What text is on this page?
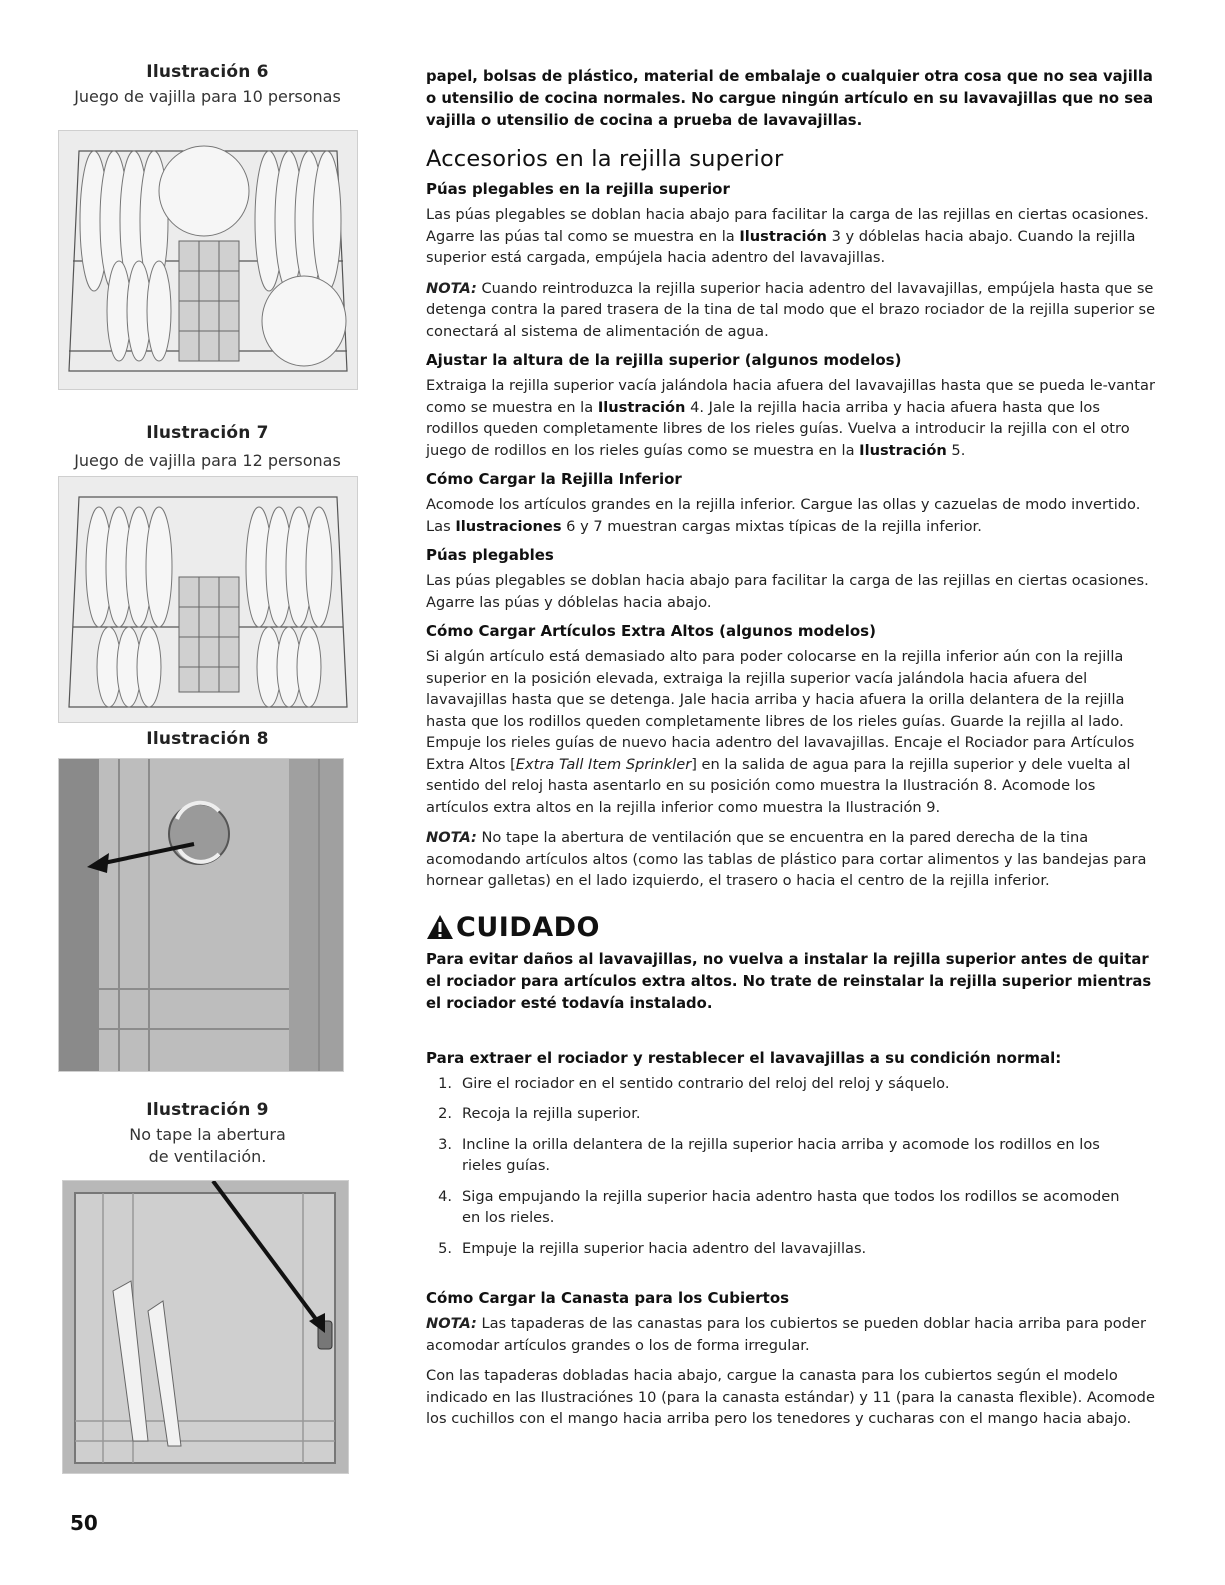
Ilustración 6

Juego de vajilla para 10 personas

Ilustración 7

Juego de vajilla para 12 personas

Ilustración 8

Ilustración 9

No tape la abertura

de ventilación.

50

papel, bolsas de plástico, material de embalaje o cualquier otra cosa que no sea vajilla o utensilio de cocina normales. No cargue ningún artículo en su lavavajillas que no sea vajilla o utensilio de cocina a prueba de lavavajillas.

Accesorios en la rejilla superior
Púas plegables en la rejilla superior

Las púas plegables se doblan hacia abajo para facilitar la carga de las rejillas en ciertas ocasiones. Agarre las púas tal como se muestra en la Ilustración 3 y dóblelas hacia abajo. Cuando la rejilla superior está cargada, empújela hacia adentro del lavavajillas.

NOTA: Cuando reintroduzca la rejilla superior hacia adentro del lavavajillas, empújela hasta que se detenga contra la pared trasera de la tina de tal modo que el brazo rociador de la rejilla superior se conectará al sistema de alimentación de agua.

Ajustar la altura de la rejilla superior (algunos modelos)

Extraiga la rejilla superior vacía jalándola hacia afuera del lavavajillas hasta que se pueda le-vantar como se muestra en la Ilustración 4. Jale la rejilla hacia arriba y hacia afuera hasta que los rodillos queden completamente libres de los rieles guías. Vuelva a introducir la rejilla con el otro juego de rodillos en los rieles guías como se muestra en la Ilustración 5.

Cómo Cargar la Rejilla Inferior

Acomode los artículos grandes en la rejilla inferior. Cargue las ollas y cazuelas de modo invertido. Las Ilustraciones 6 y 7 muestran cargas mixtas típicas de la rejilla inferior.

Púas plegables

Las púas plegables se doblan hacia abajo para facilitar la carga de las rejillas en ciertas ocasiones. Agarre las púas y dóblelas hacia abajo.

Cómo Cargar Artículos Extra Altos (algunos modelos)

Si algún artículo está demasiado alto para poder colocarse en la rejilla inferior aún con la rejilla superior en la posición elevada, extraiga la rejilla superior vacía jalándola hacia afuera del lavavajillas hasta que se detenga. Jale hacia arriba y hacia afuera la orilla delantera de la rejilla hasta que los rodillos queden completamente libres de los rieles guías. Guarde la rejilla al lado. Empuje los rieles guías de nuevo hacia adentro del lavavajillas. Encaje el Rociador para Artículos Extra Altos [Extra Tall Item Sprinkler] en la salida de agua para la rejilla superior y dele vuelta al sentido del reloj hasta asentarlo en su posición como muestra la Ilustración 8. Acomode los artículos extra altos en la rejilla inferior como muestra la Ilustración 9.

NOTA: No tape la abertura de ventilación que se encuentra en la pared derecha de la tina acomodando artículos altos (como las tablas de plástico para cortar alimentos y las bandejas para hornear galletas) en el lado izquierdo, el trasero o hacia el centro de la rejilla inferior.

CUIDADO

Para evitar daños al lavavajillas, no vuelva a instalar la rejilla superior antes de quitar el rociador para artículos extra altos. No trate de reinstalar la rejilla superior mientras el rociador esté todavía instalado.

Para extraer el rociador y restablecer el lavavajillas a su condición normal:
1. Gire el rociador en el sentido contrario del reloj del reloj y sáquelo.
2. Recoja la rejilla superior.
3. Incline la orilla delantera de la rejilla superior hacia arriba y acomode los rodillos en los rieles guías.
4. Siga empujando la rejilla superior hacia adentro hasta que todos los rodillos se acomoden en los rieles.
5. Empuje la rejilla superior hacia adentro del lavavajillas.
Cómo Cargar la Canasta para los Cubiertos

NOTA: Las tapaderas de las canastas para los cubiertos se pueden doblar hacia arriba para poder acomodar artículos grandes o los de forma irregular.

Con las tapaderas dobladas hacia abajo, cargue la canasta para los cubiertos según el modelo indicado en las Ilustraciónes 10 (para la canasta estándar) y 11 (para la canasta flexible). Acomode los cuchillos con el mango hacia arriba pero los tenedores y cucharas con el mango hacia abajo.
